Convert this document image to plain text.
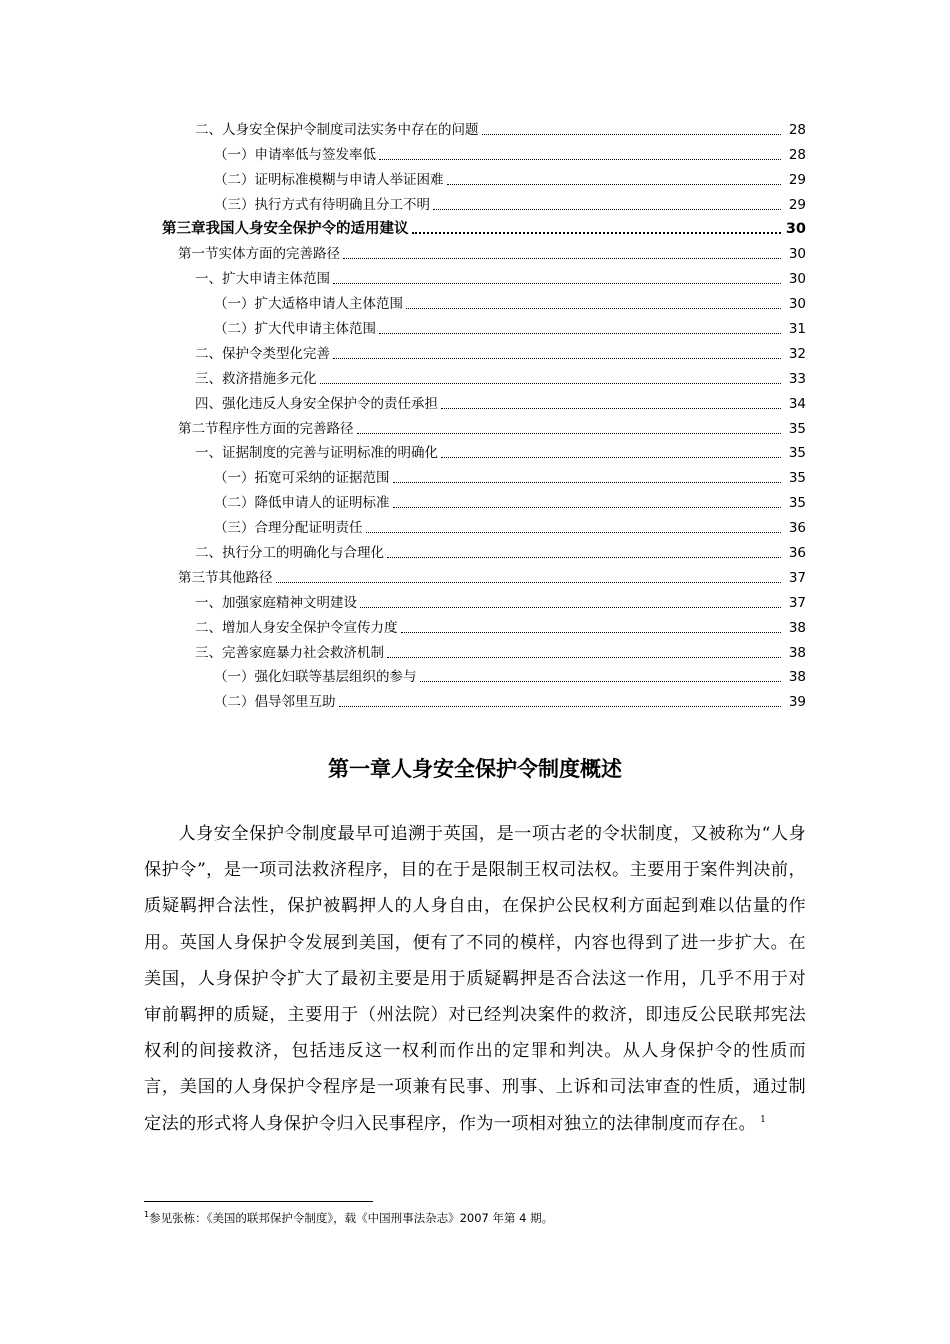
二、人身安全保护令制度司法实务中存在的问题	28
（一）申请率低与签发率低	28
（二）证明标准模糊与申请人举证困难	29
（三）执行方式有待明确且分工不明	29
第三章我国人身安全保护令的适用建议	30
第一节实体方面的完善路径	30
一、扩大申请主体范围	30
（一）扩大适格申请人主体范围	30
（二）扩大代申请主体范围	31
二、保护令类型化完善	32
三、救济措施多元化	33
四、强化违反人身安全保护令的责任承担	34
第二节程序性方面的完善路径	35
一、证据制度的完善与证明标准的明确化	35
（一）拓宽可采纳的证据范围	35
（二）降低申请人的证明标准	35
（三）合理分配证明责任	36
二、执行分工的明确化与合理化	36
第三节其他路径	37
一、加强家庭精神文明建设	37
二、增加人身安全保护令宣传力度	38
三、完善家庭暴力社会救济机制	38
（一）强化妇联等基层组织的参与	38
（二）倡导邻里互助	39
第一章人身安全保护令制度概述

人身安全保护令制度最早可追溯于英国，是一项古老的令状制度，又被称为“人身保护令”，是一项司法救济程序，目的在于是限制王权司法权。主要用于案件判决前，质疑羁押合法性，保护被羁押人的人身自由，在保护公民权利方面起到难以估量的作用。英国人身保护令发展到美国，便有了不同的模样，内容也得到了进一步扩大。在美国，人身保护令扩大了最初主要是用于质疑羁押是否合法这一作用，几乎不用于对审前羁押的质疑，主要用于（州法院）对已经判决案件的救济，即违反公民联邦宪法权利的间接救济，包括违反这一权利而作出的定罪和判决。从人身保护令的性质而言，美国的人身保护令程序是一项兼有民事、刑事、上诉和司法审查的性质，通过制定法的形式将人身保护令归入民事程序，作为一项相对独立的法律制度而存在。 $^1$

$^1$参见张栋：《美国的联邦保护令制度》，载《中国刑事法杂志》2007 年第 4 期。
